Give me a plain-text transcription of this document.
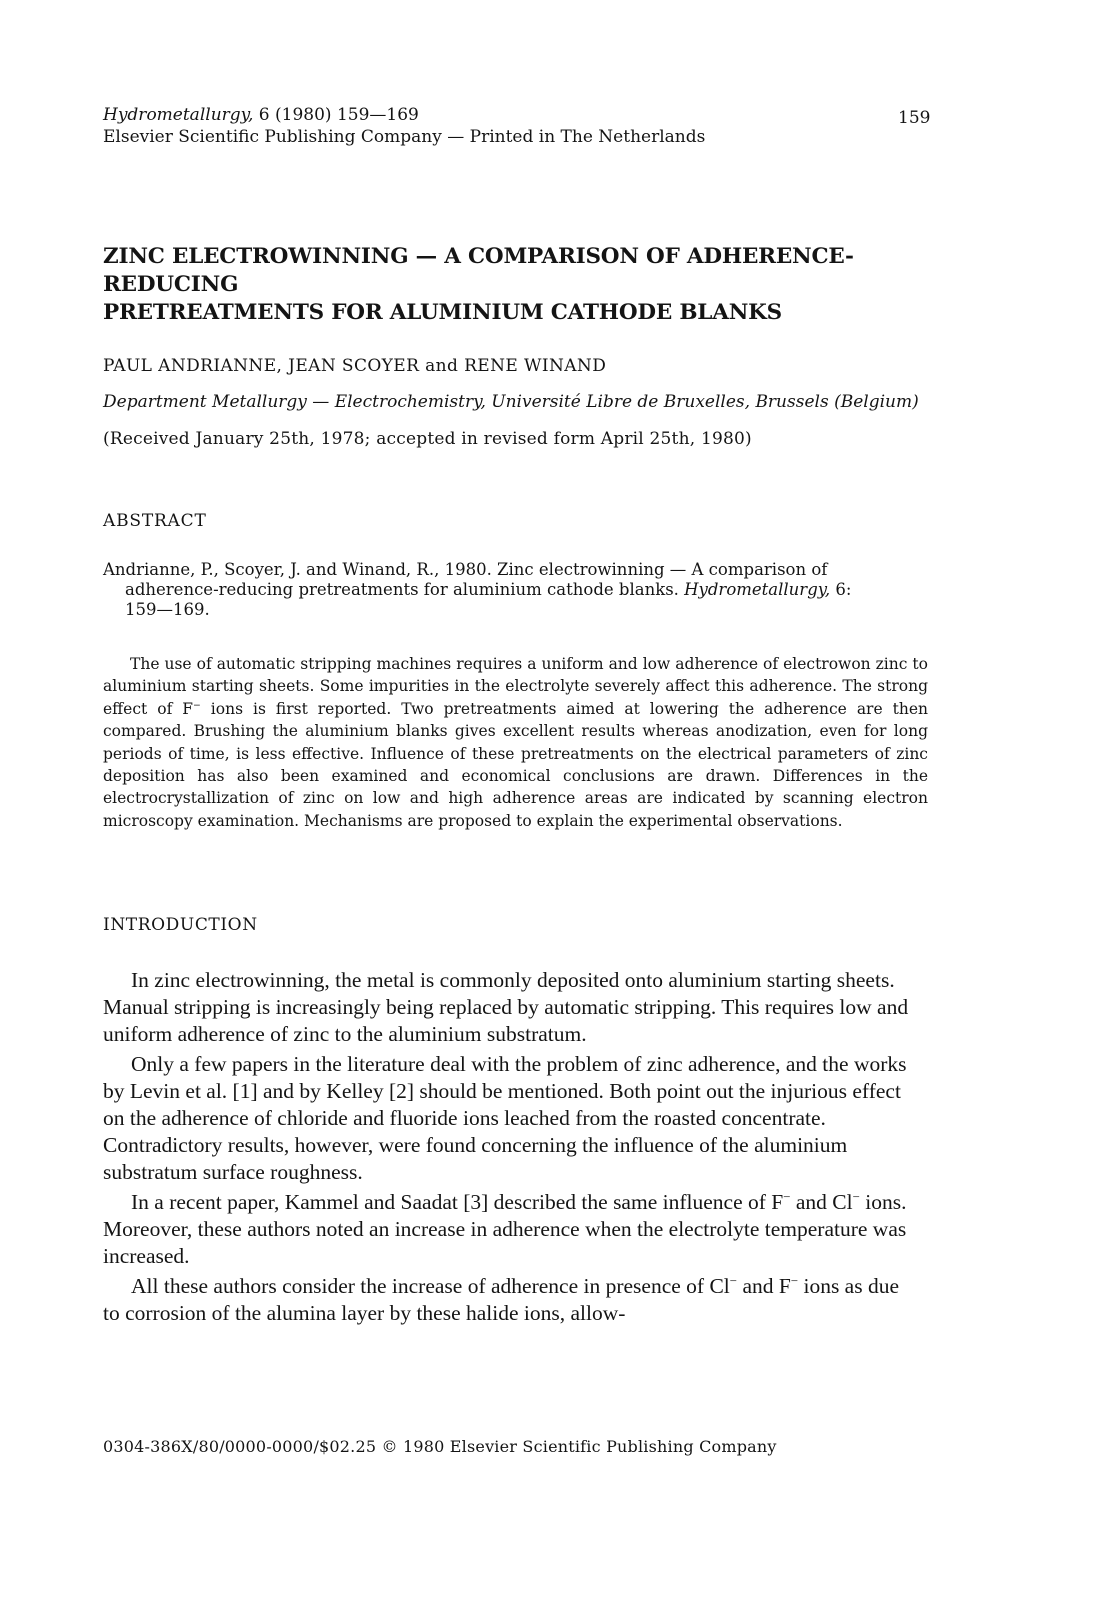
Hydrometallurgy, 6 (1980) 159—169
Elsevier Scientific Publishing Company — Printed in The Netherlands
159
ZINC ELECTROWINNING — A COMPARISON OF ADHERENCE-REDUCING
PRETREATMENTS FOR ALUMINIUM CATHODE BLANKS
PAUL ANDRIANNE, JEAN SCOYER and RENE WINAND
Department Metallurgy — Electrochemistry, Université Libre de Bruxelles, Brussels (Belgium)
(Received January 25th, 1978; accepted in revised form April 25th, 1980)
ABSTRACT
Andrianne, P., Scoyer, J. and Winand, R., 1980. Zinc electrowinning — A comparison of
adherence-reducing pretreatments for aluminium cathode blanks. Hydrometallurgy, 6:
159—169.
The use of automatic stripping machines requires a uniform and low adherence of electrowon zinc to aluminium starting sheets. Some impurities in the electrolyte severely affect this adherence. The strong effect of F− ions is first reported. Two pretreatments aimed at lowering the adherence are then compared. Brushing the aluminium blanks gives excellent results whereas anodization, even for long periods of time, is less effective. Influence of these pretreatments on the electrical parameters of zinc deposition has also been examined and economical conclusions are drawn. Differences in the electrocrystallization of zinc on low and high adherence areas are indicated by scanning electron microscopy examination. Mechanisms are proposed to explain the experimental observations.
INTRODUCTION

In zinc electrowinning, the metal is commonly deposited onto aluminium starting sheets. Manual stripping is increasingly being replaced by automatic stripping. This requires low and uniform adherence of zinc to the aluminium substratum.

Only a few papers in the literature deal with the problem of zinc adherence, and the works by Levin et al. [1] and by Kelley [2] should be mentioned. Both point out the injurious effect on the adherence of chloride and fluoride ions leached from the roasted concentrate. Contradictory results, however, were found concerning the influence of the aluminium substratum surface roughness.

In a recent paper, Kammel and Saadat [3] described the same influence of F− and Cl− ions. Moreover, these authors noted an increase in adherence when the electrolyte temperature was increased.

All these authors consider the increase of adherence in presence of Cl− and F− ions as due to corrosion of the alumina layer by these halide ions, allow-

0304-386X/80/0000-0000/$02.25 © 1980 Elsevier Scientific Publishing Company
